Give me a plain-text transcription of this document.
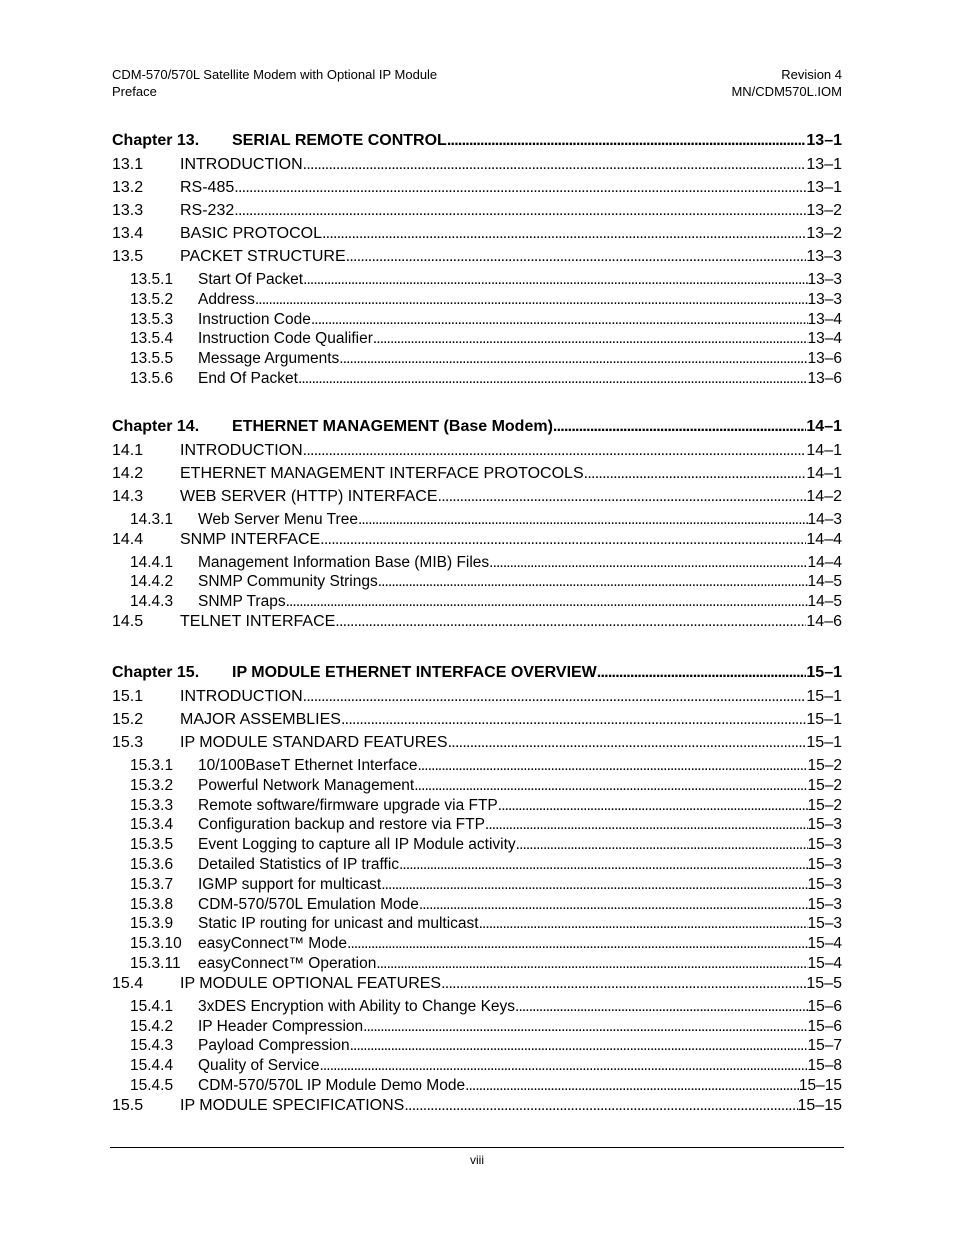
CDM-570/570L Satellite Modem with Optional IP Module
Preface
Revision 4
MN/CDM570L.IOM
Chapter 13.	SERIAL REMOTE CONTROL . . .	13–1
13.1	INTRODUCTION . . .	13–1
13.2	RS-485 . . .	13–1
13.3	RS-232 . . .	13–2
13.4	BASIC PROTOCOL . . .	13–2
13.5	PACKET STRUCTURE . . .	13–3
13.5.1	Start Of Packet . . .	13–3
13.5.2	Address . . .	13–3
13.5.3	Instruction Code . . .	13–4
13.5.4	Instruction Code Qualifier . . .	13–4
13.5.5	Message Arguments . . .	13–6
13.5.6	End Of Packet . . .	13–6
Chapter 14.	ETHERNET MANAGEMENT (Base Modem) . . .	14–1
14.1	INTRODUCTION . . .	14–1
14.2	ETHERNET MANAGEMENT INTERFACE PROTOCOLS . . .	14–1
14.3	WEB SERVER (HTTP) INTERFACE . . .	14–2
14.3.1	Web Server Menu Tree . . .	14–3
14.4	SNMP INTERFACE . . .	14–4
14.4.1	Management Information Base (MIB) Files . . .	14–4
14.4.2	SNMP Community Strings . . .	14–5
14.4.3	SNMP Traps . . .	14–5
14.5	TELNET INTERFACE . . .	14–6
Chapter 15.	IP MODULE ETHERNET INTERFACE OVERVIEW . . .	15–1
15.1	INTRODUCTION . . .	15–1
15.2	MAJOR ASSEMBLIES . . .	15–1
15.3	IP MODULE STANDARD FEATURES . . .	15–1
15.3.1	10/100BaseT Ethernet Interface . . .	15–2
15.3.2	Powerful Network Management . . .	15–2
15.3.3	Remote software/firmware upgrade via FTP . . .	15–2
15.3.4	Configuration backup and restore via FTP . . .	15–3
15.3.5	Event Logging to capture all IP Module activity . . .	15–3
15.3.6	Detailed Statistics of IP traffic . . .	15–3
15.3.7	IGMP support for multicast . . .	15–3
15.3.8	CDM-570/570L Emulation Mode . . .	15–3
15.3.9	Static IP routing for unicast and multicast . . .	15–3
15.3.10	easyConnect™ Mode . . .	15–4
15.3.11	easyConnect™ Operation . . .	15–4
15.4	IP MODULE OPTIONAL FEATURES . . .	15–5
15.4.1	3xDES Encryption with Ability to Change Keys . . .	15–6
15.4.2	IP Header Compression . . .	15–6
15.4.3	Payload Compression . . .	15–7
15.4.4	Quality of Service . . .	15–8
15.4.5	CDM-570/570L IP Module Demo Mode . . .	15–15
15.5	IP MODULE SPECIFICATIONS . . .	15–15
viii
